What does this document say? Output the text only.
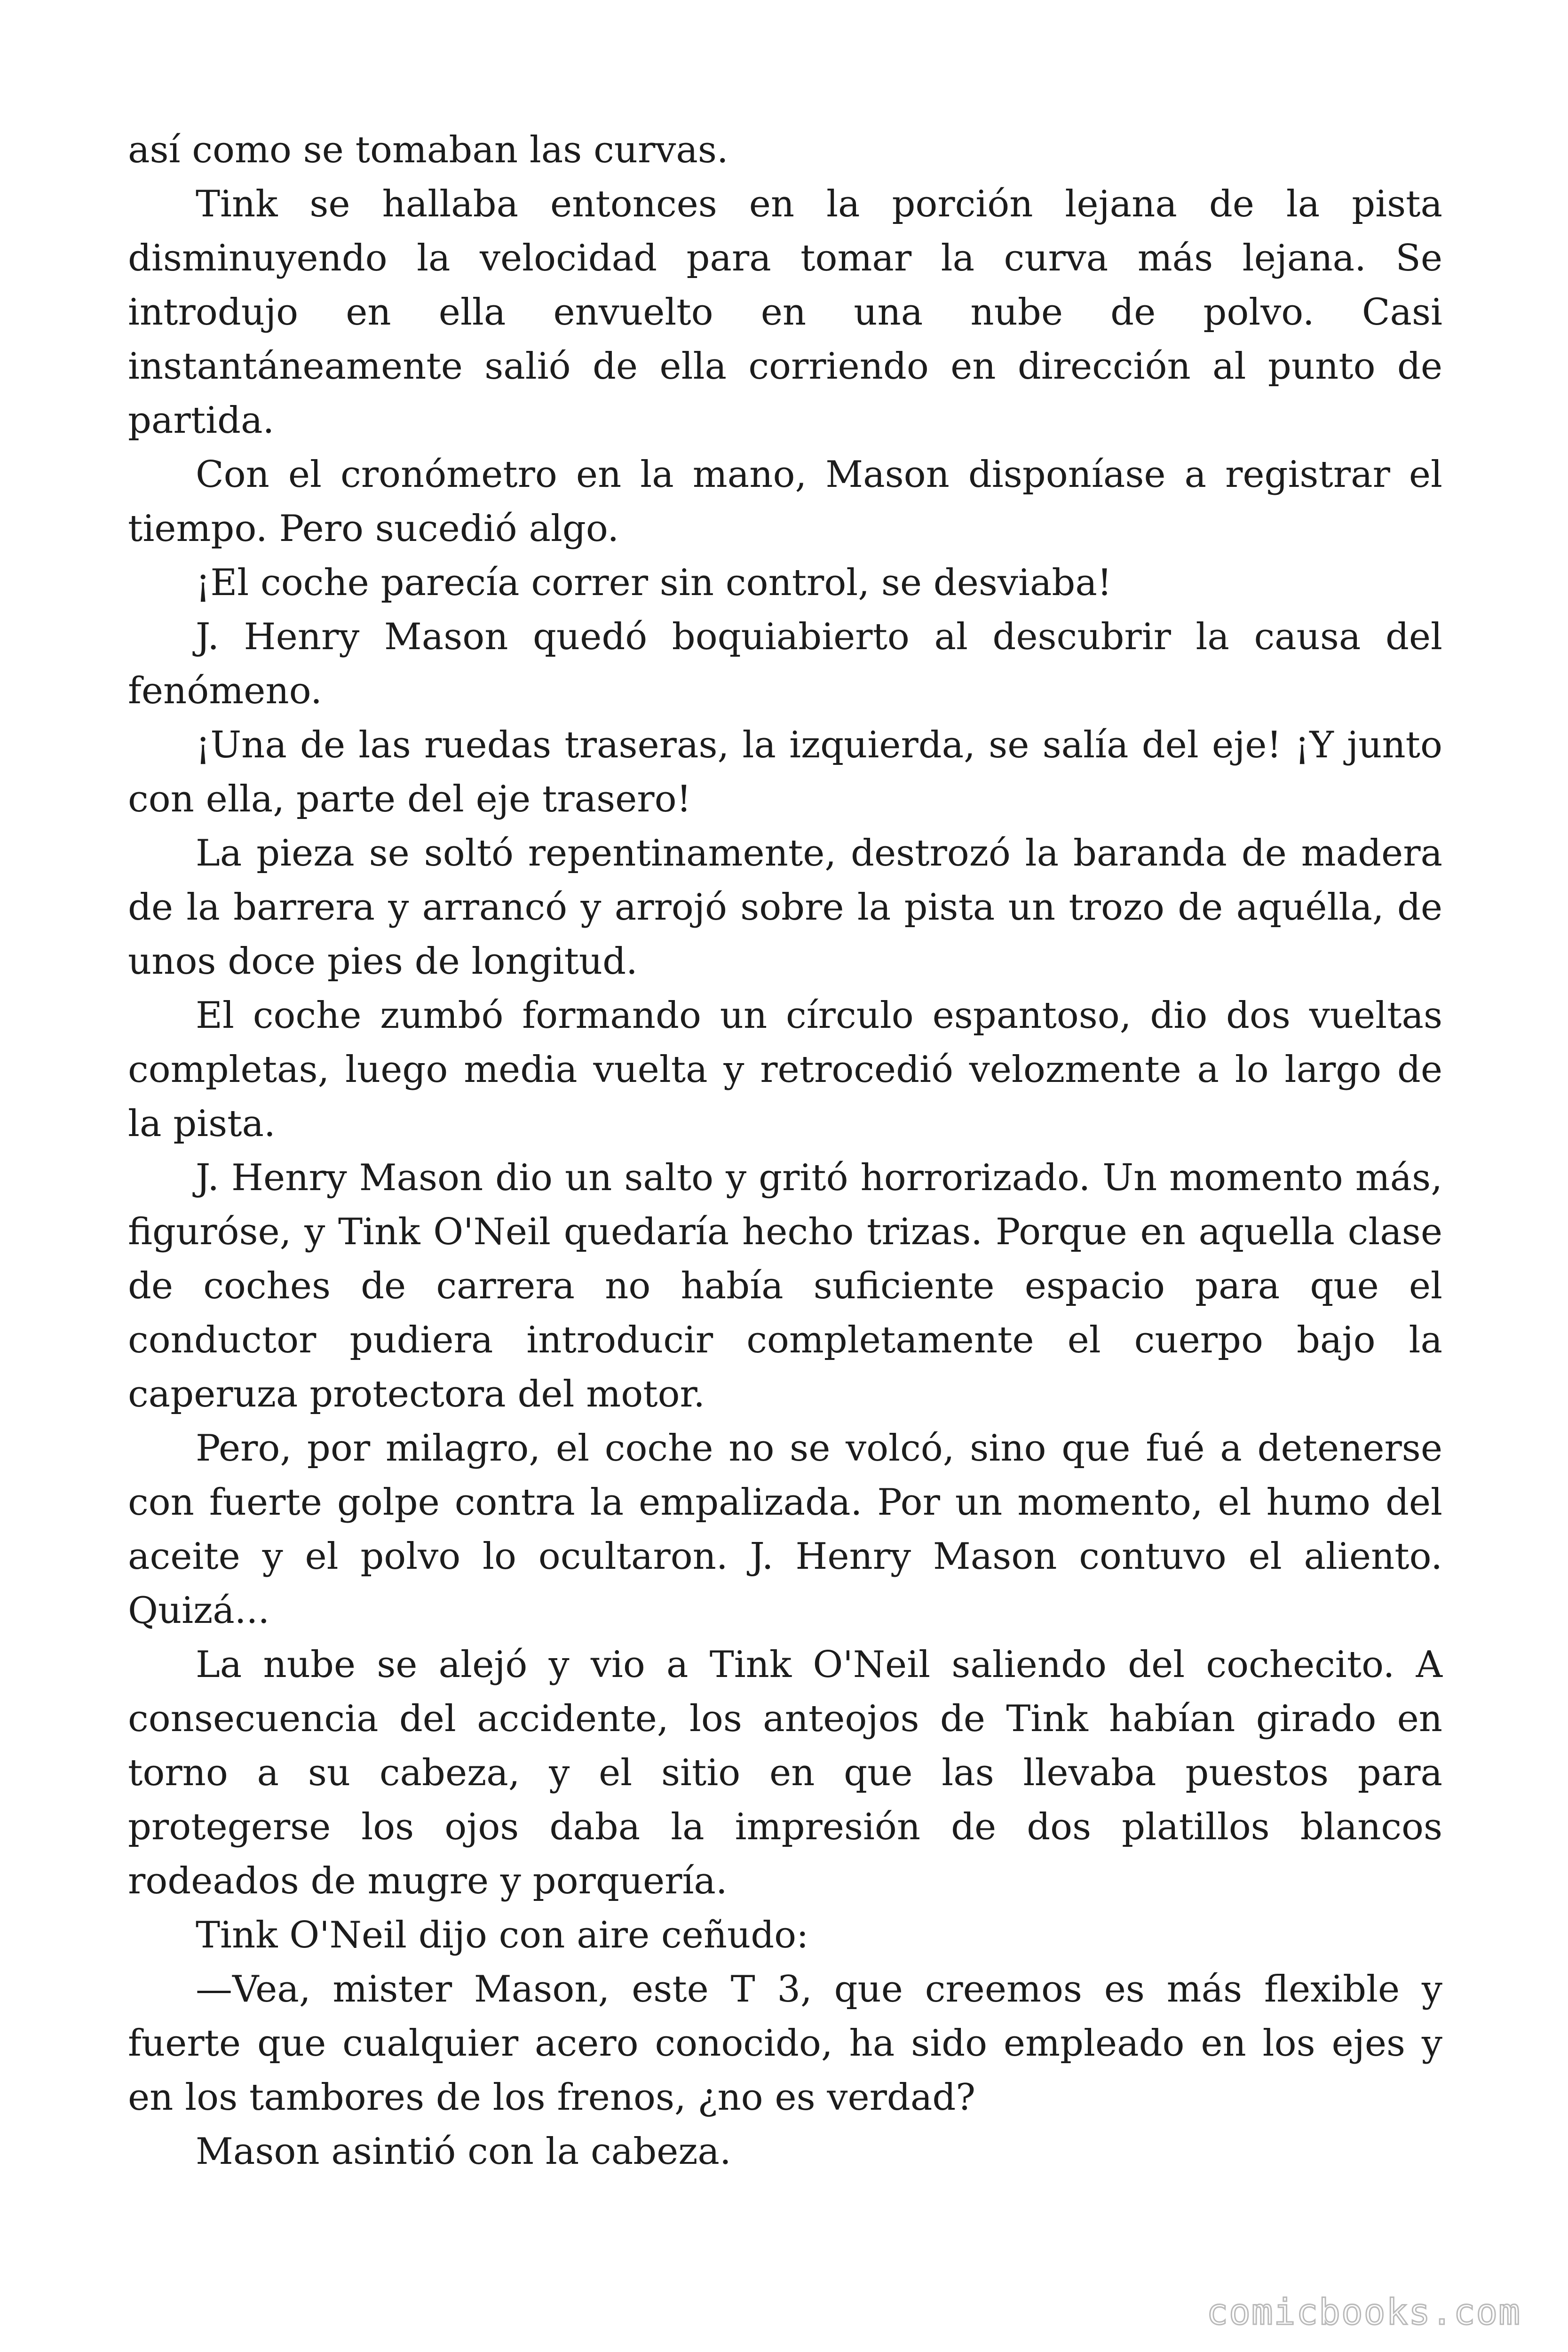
así como se tomaban las curvas.

Tink se hallaba entonces en la porción lejana de la pista disminuyendo la velocidad para tomar la curva más lejana. Se introdujo en ella envuelto en una nube de polvo. Casi instantáneamente salió de ella corriendo en dirección al punto de partida.

Con el cronómetro en la mano, Mason disponíase a registrar el tiempo. Pero sucedió algo.

¡El coche parecía correr sin control, se desviaba!

J. Henry Mason quedó boquiabierto al descubrir la causa del fenómeno.

¡Una de las ruedas traseras, la izquierda, se salía del eje! ¡Y junto con ella, parte del eje trasero!

La pieza se soltó repentinamente, destrozó la baranda de madera de la barrera y arrancó y arrojó sobre la pista un trozo de aquélla, de unos doce pies de longitud.

El coche zumbó formando un círculo espantoso, dio dos vueltas completas, luego media vuelta y retrocedió velozmente a lo largo de la pista.

J. Henry Mason dio un salto y gritó horrorizado. Un momento más, figuróse, y Tink O'Neil quedaría hecho trizas. Porque en aquella clase de coches de carrera no había suficiente espacio para que el conductor pudiera introducir completamente el cuerpo bajo la caperuza protectora del motor.

Pero, por milagro, el coche no se volcó, sino que fué a detenerse con fuerte golpe contra la empalizada. Por un momento, el humo del aceite y el polvo lo ocultaron. J. Henry Mason contuvo el aliento. Quizá...

La nube se alejó y vio a Tink O'Neil saliendo del cochecito. A consecuencia del accidente, los anteojos de Tink habían girado en torno a su cabeza, y el sitio en que las llevaba puestos para protegerse los ojos daba la impresión de dos platillos blancos rodeados de mugre y porquería.

Tink O'Neil dijo con aire ceñudo:

—Vea, mister Mason, este T 3, que creemos es más flexible y fuerte que cualquier acero conocido, ha sido empleado en los ejes y en los tambores de los frenos, ¿no es verdad?

Mason asintió con la cabeza.

comicbooks.com
